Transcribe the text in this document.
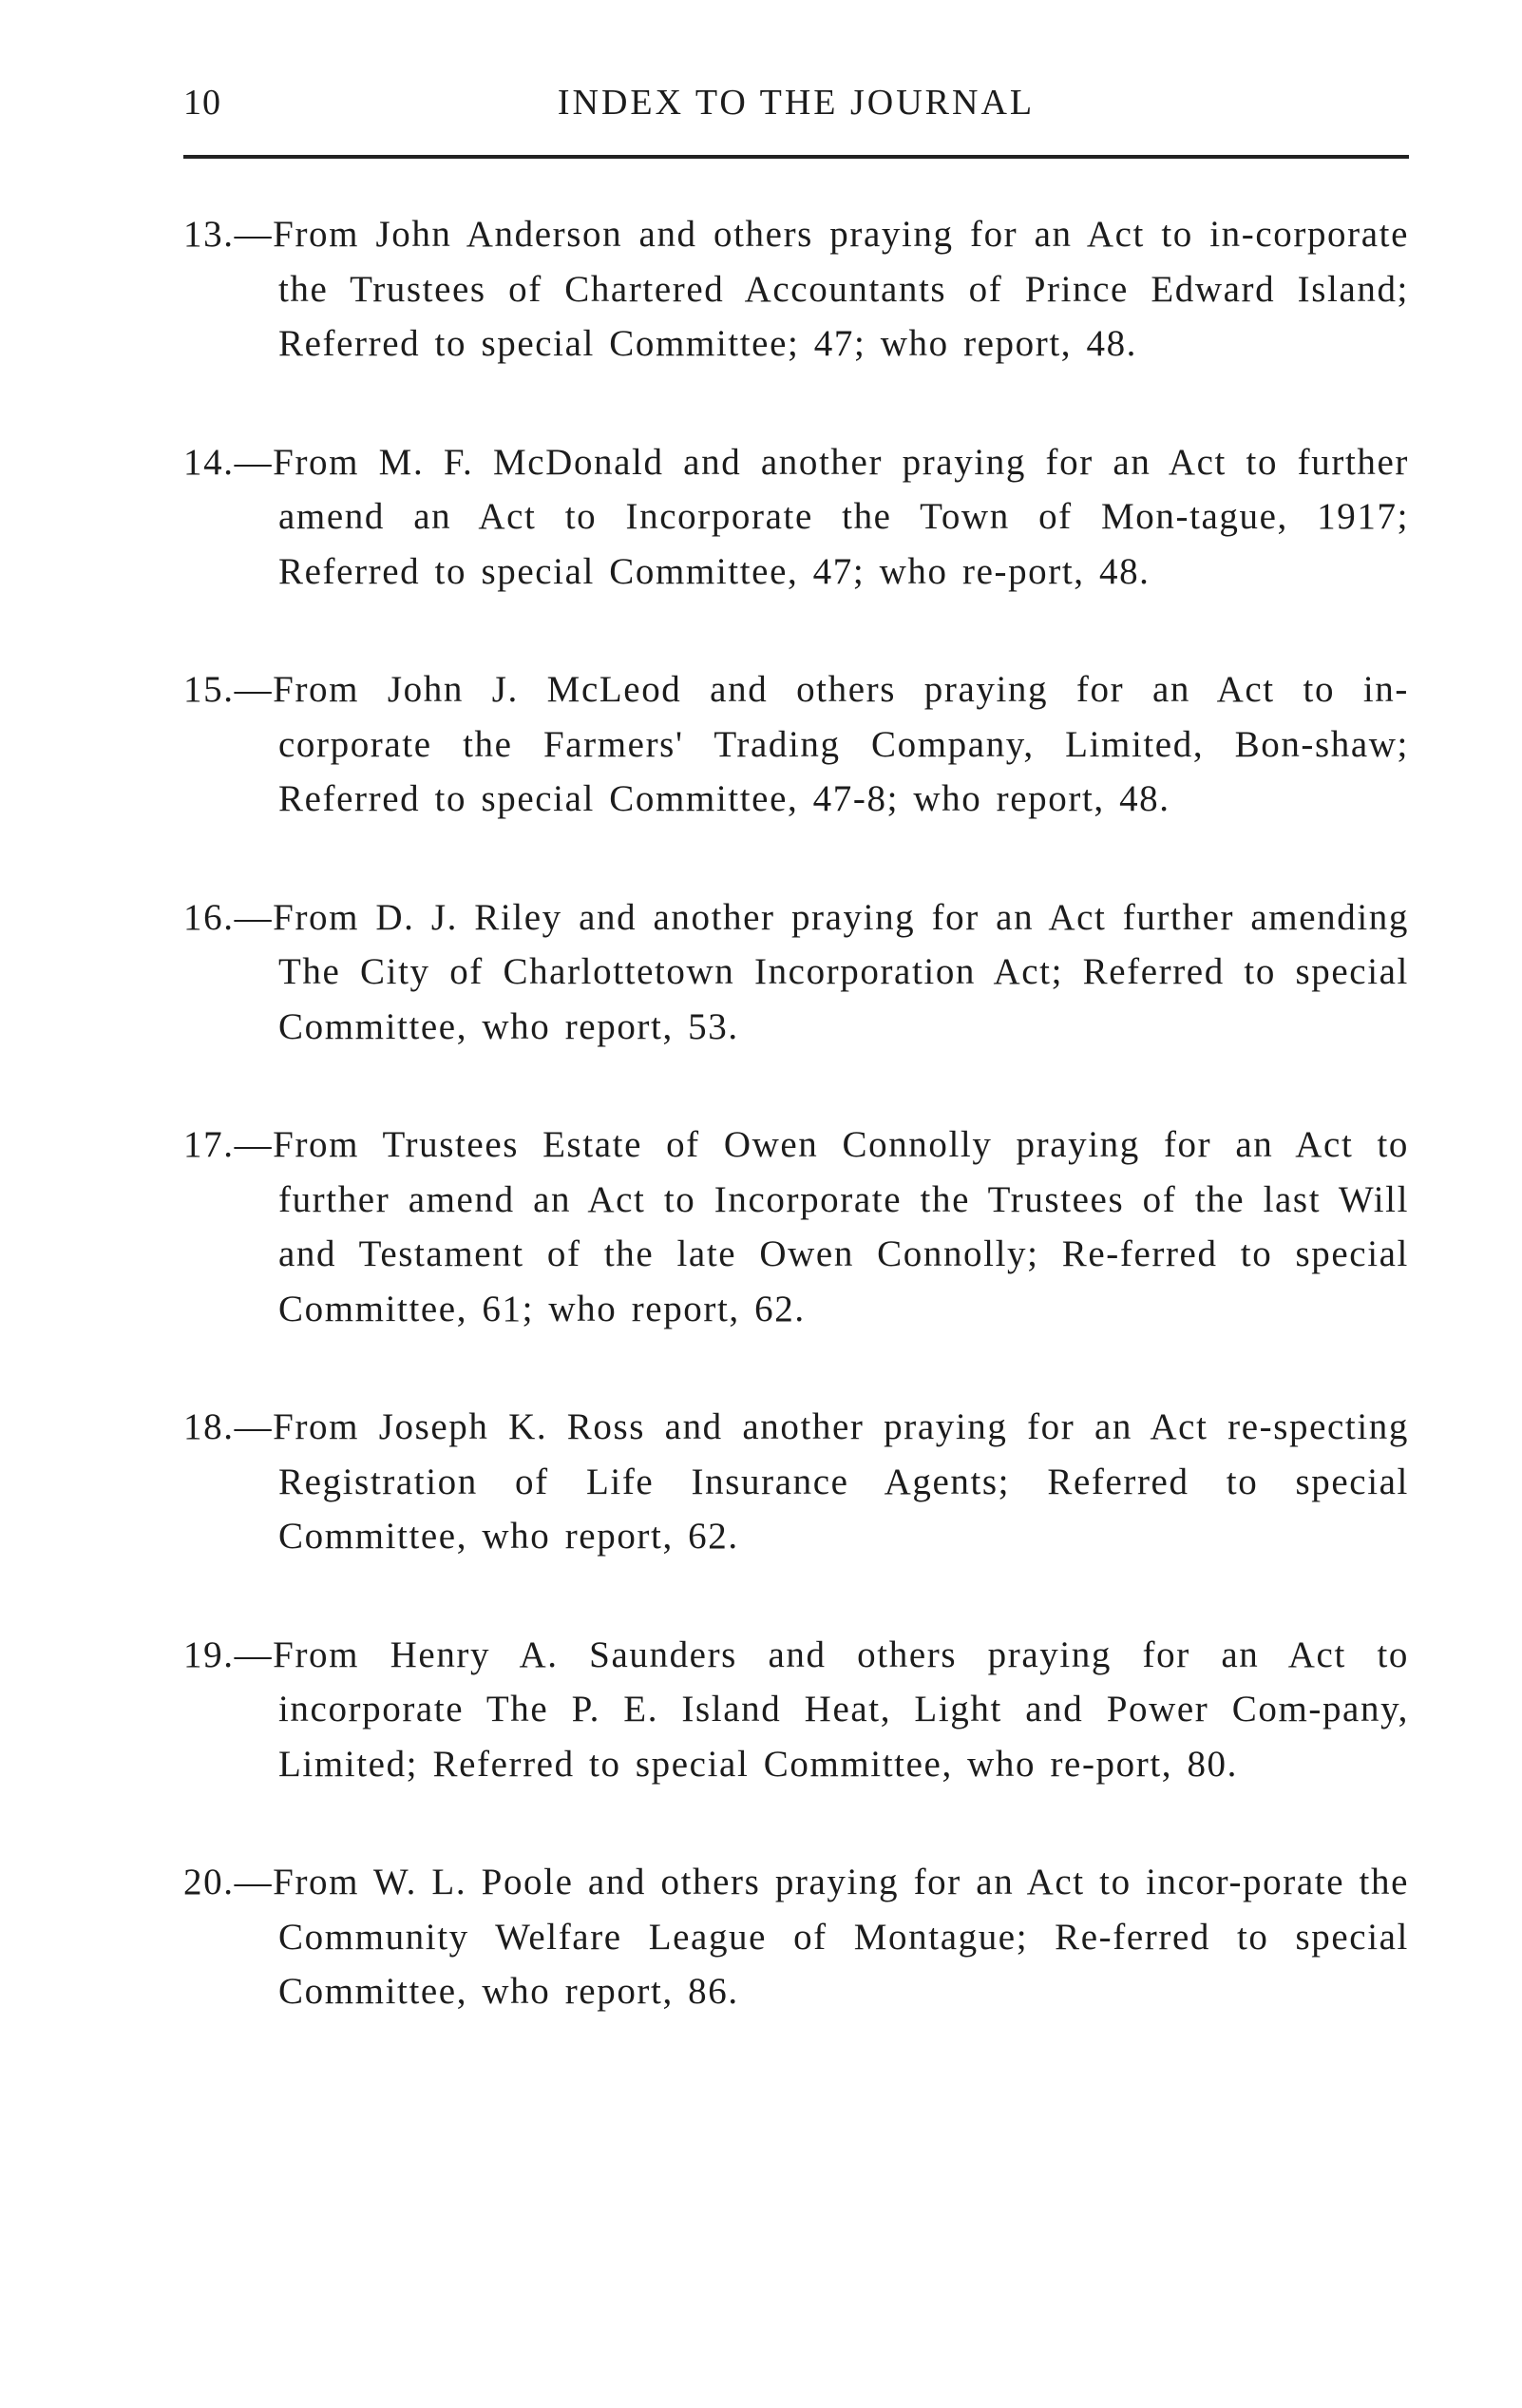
10	INDEX TO THE JOURNAL

13.—From John Anderson and others praying for an Act to in-corporate the Trustees of Chartered Accountants of Prince Edward Island; Referred to special Committee; 47; who report, 48.

14.—From M. F. McDonald and another praying for an Act to further amend an Act to Incorporate the Town of Mon-tague, 1917; Referred to special Committee, 47; who re-port, 48.

15.—From John J. McLeod and others praying for an Act to in-corporate the Farmers' Trading Company, Limited, Bon-shaw; Referred to special Committee, 47-8; who report, 48.

16.—From D. J. Riley and another praying for an Act further amending The City of Charlottetown Incorporation Act; Referred to special Committee, who report, 53.

17.—From Trustees Estate of Owen Connolly praying for an Act to further amend an Act to Incorporate the Trustees of the last Will and Testament of the late Owen Connolly; Re-ferred to special Committee, 61; who report, 62.

18.—From Joseph K. Ross and another praying for an Act re-specting Registration of Life Insurance Agents; Referred to special Committee, who report, 62.

19.—From Henry A. Saunders and others praying for an Act to incorporate The P. E. Island Heat, Light and Power Com-pany, Limited; Referred to special Committee, who re-port, 80.

20.—From W. L. Poole and others praying for an Act to incor-porate the Community Welfare League of Montague; Re-ferred to special Committee, who report, 86.
